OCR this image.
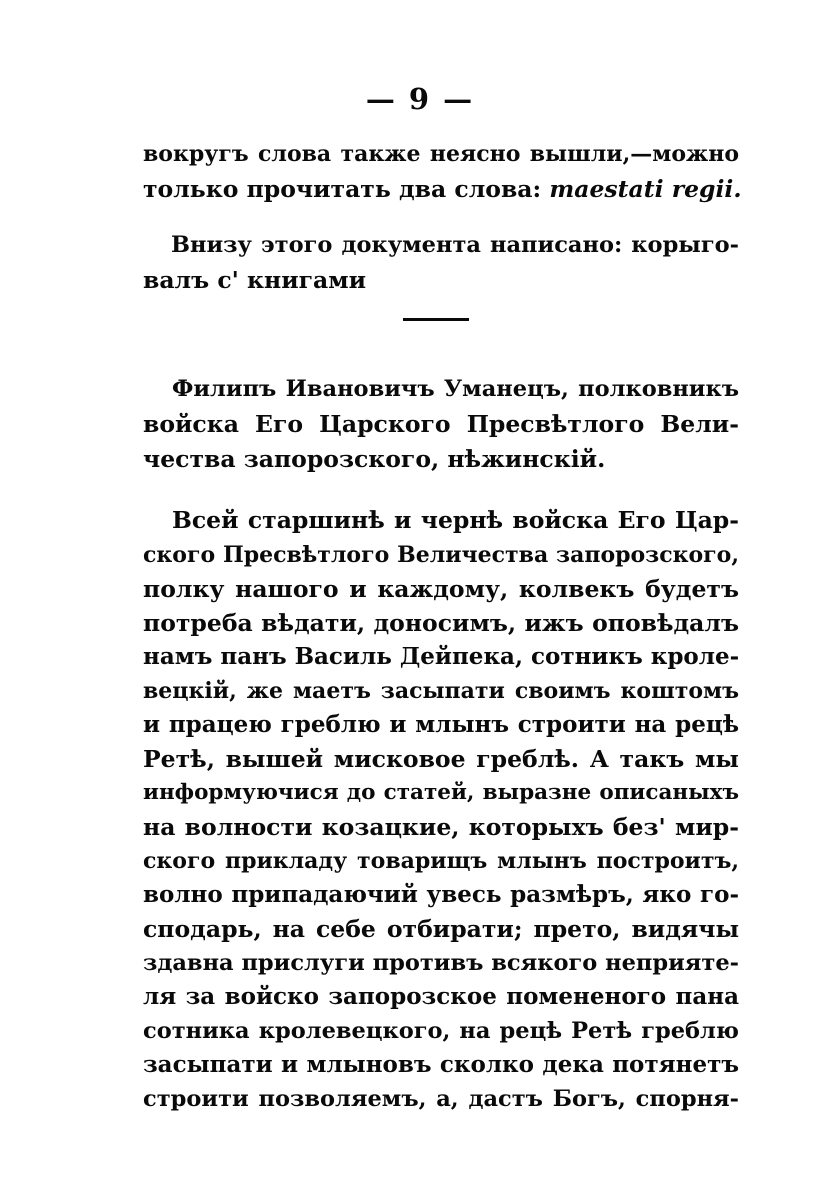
— 9 —
вокругъ слова также неясно вышли,—можно
только прочитать два слова: maestati regii.
Внизу этого документа написано: корыго-
валъ с' книгами
Филипъ Ивановичъ Уманецъ, полковникъ
войска Его Царского Пресвѣтлого Вели-
чества запорозского, нѣжинскій.
Всей старшинѣ и чернѣ войска Его Цар-
ского Пресвѣтлого Величества запорозского,
полку нашого и каждому, колвекъ будетъ
потреба вѣдати, доносимъ, ижъ оповѣдалъ
намъ панъ Василь Дейпека, сотникъ кроле-
вецкій, же маетъ засыпати своимъ коштомъ
и працею греблю и млынъ строити на рецѣ
Ретѣ, вышей мисковое греблѣ. А такъ мы
информуючися до статей, выразне описаныхъ
на волности козацкие, которыхъ без' мир-
ского прикладу товарищъ млынъ построитъ,
волно припадаючий увесь размѣръ, яко го-
сподарь, на себе отбирати; прето, видячы
здавна прислуги противъ всякого неприяте-
ля за войско запорозское помененого пана
сотника кролевецкого, на рецѣ Ретѣ греблю
засыпати и млыновъ сколко дека потянетъ
строити позволяемъ, а, дастъ Богъ, спорня-
